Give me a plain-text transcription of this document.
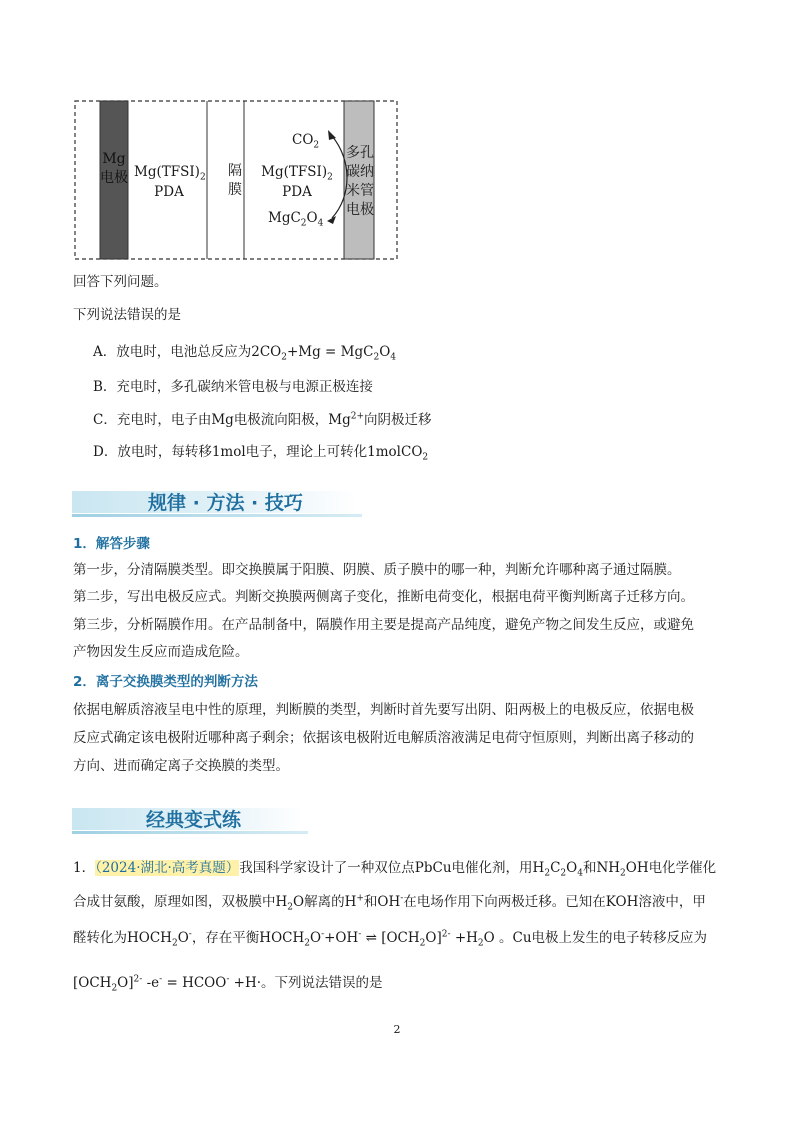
Mg电极 $Mg(TFSI)_2$
PDA
隔膜
$CO_2$
$Mg(TFSI)_2$
PDA
$MgC_2O_4$
多孔碳纳米管电极
回答下列问题。
下列说法错误的是
A．放电时，电池总反应为$2CO_2+Mg = MgC_2O_4$
B．充电时，多孔碳纳米管电极与电源正极连接
C．充电时，电子由Mg电极流向阳极，$Mg^{2+}$向阴极迁移
D．放电时，每转移1mol电子，理论上可转化1molCO$_2$
规律 · 方法 · 技巧
1．解答步骤
第一步，分清隔膜类型。即交换膜属于阳膜、阴膜、质子膜中的哪一种，判断允许哪种离子通过隔膜。
第二步，写出电极反应式。判断交换膜两侧离子变化，推断电荷变化，根据电荷平衡判断离子迁移方向。
第三步，分析隔膜作用。在产品制备中，隔膜作用主要是提高产品纯度，避免产物之间发生反应，或避免
产物因发生反应而造成危险。
2．离子交换膜类型的判断方法
依据电解质溶液呈电中性的原理，判断膜的类型，判断时首先要写出阴、阳两极上的电极反应，依据电极
反应式确定该电极附近哪种离子剩余；依据该电极附近电解质溶液满足电荷守恒原则，判断出离子移动的
方向、进而确定离子交换膜的类型。
经典变式练
1．（2024·湖北·高考真题）我国科学家设计了一种双位点PbCu电催化剂，用$H_2C_2O_4$和$NH_2OH$电化学催化
合成甘氨酸，原理如图，双极膜中$H_2O$解离的H+和OH-在电场作用下向两极迁移。已知在KOH溶液中，甲
醛转化为$HOCH_2O^-$，存在平衡$HOCH_2O^-+OH^-$ ⇌ $[OCH_2O]^{2-} +H_2O$ 。Cu电极上发生的电子转移反应为
$[OCH_2O]^{2-}$ -e- = HCOO- +H·。下列说法错误的是
2
